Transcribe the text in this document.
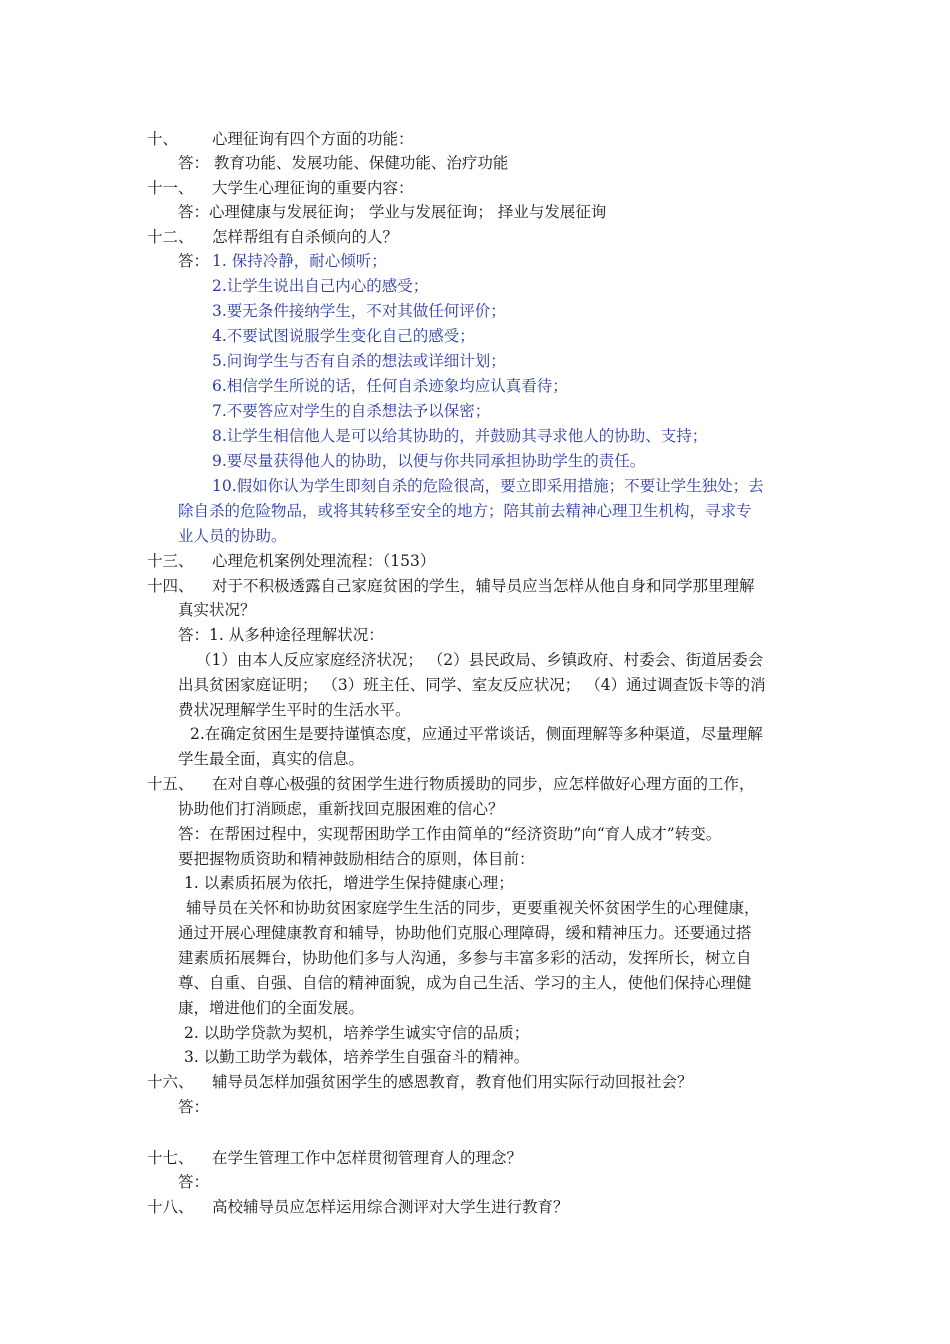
十、 心理征询有四个方面的功能：
答： 教育功能、发展功能、保健功能、治疗功能
十一、 大学生心理征询的重要内容：
答：心理健康与发展征询； 学业与发展征询； 择业与发展征询
十二、 怎样帮组有自杀倾向的人？
答： 1. 保持冷静，耐心倾听；
2.让学生说出自己内心的感受；
3.要无条件接纳学生，不对其做任何评价；
4.不要试图说服学生变化自己的感受；
5.问询学生与否有自杀的想法或详细计划；
6.相信学生所说的话，任何自杀迹象均应认真看待；
7.不要答应对学生的自杀想法予以保密；
8.让学生相信他人是可以给其协助的，并鼓励其寻求他人的协助、支持；
9.要尽量获得他人的协助，以便与你共同承担协助学生的责任。
10.假如你认为学生即刻自杀的危险很高，要立即采用措施；不要让学生独处；去
除自杀的危险物品，或将其转移至安全的地方；陪其前去精神心理卫生机构，寻求专
业人员的协助。
十三、 心理危机案例处理流程：（153）
十四、 对于不积极透露自己家庭贫困的学生，辅导员应当怎样从他自身和同学那里理解
真实状况？
答：1. 从多种途径理解状况：
（1）由本人反应家庭经济状况； （2）县民政局、乡镇政府、村委会、街道居委会
出具贫困家庭证明； （3）班主任、同学、室友反应状况； （4）通过调查饭卡等的消
费状况理解学生平时的生活水平。
2.在确定贫困生是要持谨慎态度，应通过平常谈话，侧面理解等多种渠道，尽量理解
学生最全面，真实的信息。
十五、 在对自尊心极强的贫困学生进行物质援助的同步，应怎样做好心理方面的工作，
协助他们打消顾虑，重新找回克服困难的信心？
答：在帮困过程中，实现帮困助学工作由简单的“经济资助”向“育人成才”转变。
要把握物质资助和精神鼓励相结合的原则，体目前：
1. 以素质拓展为依托，增进学生保持健康心理；
辅导员在关怀和协助贫困家庭学生生活的同步，更要重视关怀贫困学生的心理健康，
通过开展心理健康教育和辅导，协助他们克服心理障碍，缓和精神压力。还要通过搭
建素质拓展舞台，协助他们多与人沟通，多参与丰富多彩的活动，发挥所长，树立自
尊、自重、自强、自信的精神面貌，成为自己生活、学习的主人，使他们保持心理健
康，增进他们的全面发展。
2. 以助学贷款为契机，培养学生诚实守信的品质；
3. 以勤工助学为载体，培养学生自强奋斗的精神。
十六、 辅导员怎样加强贫困学生的感恩教育，教育他们用实际行动回报社会？
答：
十七、 在学生管理工作中怎样贯彻管理育人的理念？
答：
十八、 高校辅导员应怎样运用综合测评对大学生进行教育？
